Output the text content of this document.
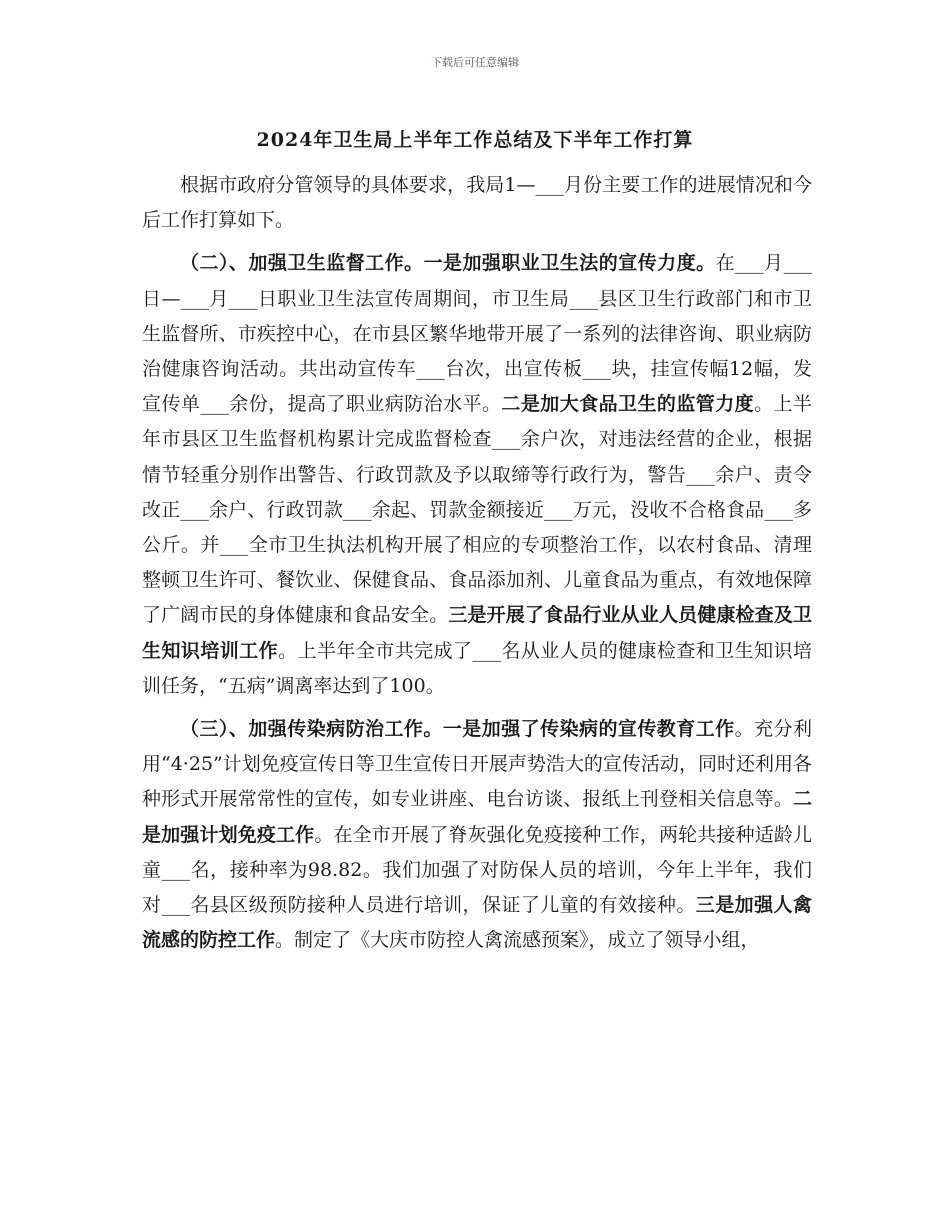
下载后可任意编辑
2024年卫生局上半年工作总结及下半年工作打算

根据市政府分管领导的具体要求，我局1—___月份主要工作的进展情况和今后工作打算如下。

（二）、加强卫生监督工作。一是加强职业卫生法的宣传力度。在___月___日—___月___日职业卫生法宣传周期间，市卫生局___县区卫生行政部门和市卫生监督所、市疾控中心，在市县区繁华地带开展了一系列的法律咨询、职业病防治健康咨询活动。共出动宣传车___台次，出宣传板___块，挂宣传幅12幅，发宣传单___余份，提高了职业病防治水平。二是加大食品卫生的监管力度。上半年市县区卫生监督机构累计完成监督检查___余户次，对违法经营的企业，根据情节轻重分别作出警告、行政罚款及予以取缔等行政行为，警告___余户、责令改正___余户、行政罚款___余起、罚款金额接近___万元，没收不合格食品___多公斤。并___全市卫生执法机构开展了相应的专项整治工作，以农村食品、清理整顿卫生许可、餐饮业、保健食品、食品添加剂、儿童食品为重点，有效地保障了广阔市民的身体健康和食品安全。三是开展了食品行业从业人员健康检查及卫生知识培训工作。上半年全市共完成了___名从业人员的健康检查和卫生知识培训任务，“五病”调离率达到了100。

（三）、加强传染病防治工作。一是加强了传染病的宣传教育工作。充分利用“4·25”计划免疫宣传日等卫生宣传日开展声势浩大的宣传活动，同时还利用各种形式开展常常性的宣传，如专业讲座、电台访谈、报纸上刊登相关信息等。二是加强计划免疫工作。在全市开展了脊灰强化免疫接种工作，两轮共接种适龄儿童___名，接种率为98.82。我们加强了对防保人员的培训，今年上半年，我们对___名县区级预防接种人员进行培训，保证了儿童的有效接种。三是加强人禽流感的防控工作。制定了《大庆市防控人禽流感预案》，成立了领导小组，
